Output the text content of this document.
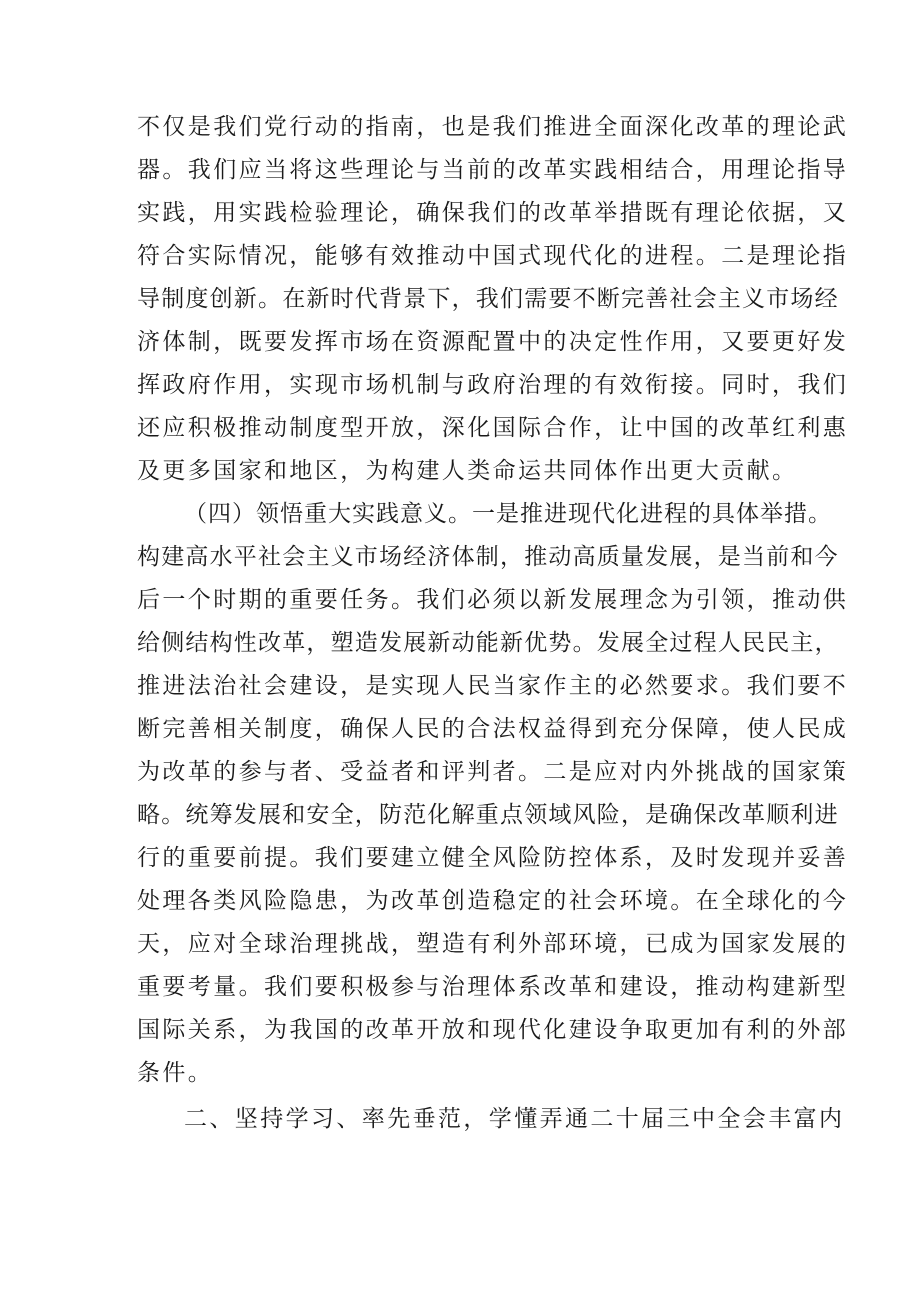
不仅是我们党行动的指南，也是我们推进全面深化改革的理论武
器。我们应当将这些理论与当前的改革实践相结合，用理论指导
实践，用实践检验理论，确保我们的改革举措既有理论依据，又
符合实际情况，能够有效推动中国式现代化的进程。二是理论指
导制度创新。在新时代背景下，我们需要不断完善社会主义市场经
济体制，既要发挥市场在资源配置中的决定性作用，又要更好发
挥政府作用，实现市场机制与政府治理的有效衔接。同时，我们
还应积极推动制度型开放，深化国际合作，让中国的改革红利惠
及更多国家和地区，为构建人类命运共同体作出更大贡献。
（四）领悟重大实践意义。一是推进现代化进程的具体举措。
构建高水平社会主义市场经济体制，推动高质量发展，是当前和今
后一个时期的重要任务。我们必须以新发展理念为引领，推动供
给侧结构性改革，塑造发展新动能新优势。发展全过程人民民主，
推进法治社会建设，是实现人民当家作主的必然要求。我们要不
断完善相关制度，确保人民的合法权益得到充分保障，使人民成
为改革的参与者、受益者和评判者。二是应对内外挑战的国家策
略。统筹发展和安全，防范化解重点领域风险，是确保改革顺利进
行的重要前提。我们要建立健全风险防控体系，及时发现并妥善
处理各类风险隐患，为改革创造稳定的社会环境。在全球化的今
天，应对全球治理挑战，塑造有利外部环境，已成为国家发展的
重要考量。我们要积极参与治理体系改革和建设，推动构建新型
国际关系，为我国的改革开放和现代化建设争取更加有利的外部
条件。
二、坚持学习、率先垂范，学懂弄通二十届三中全会丰富内
